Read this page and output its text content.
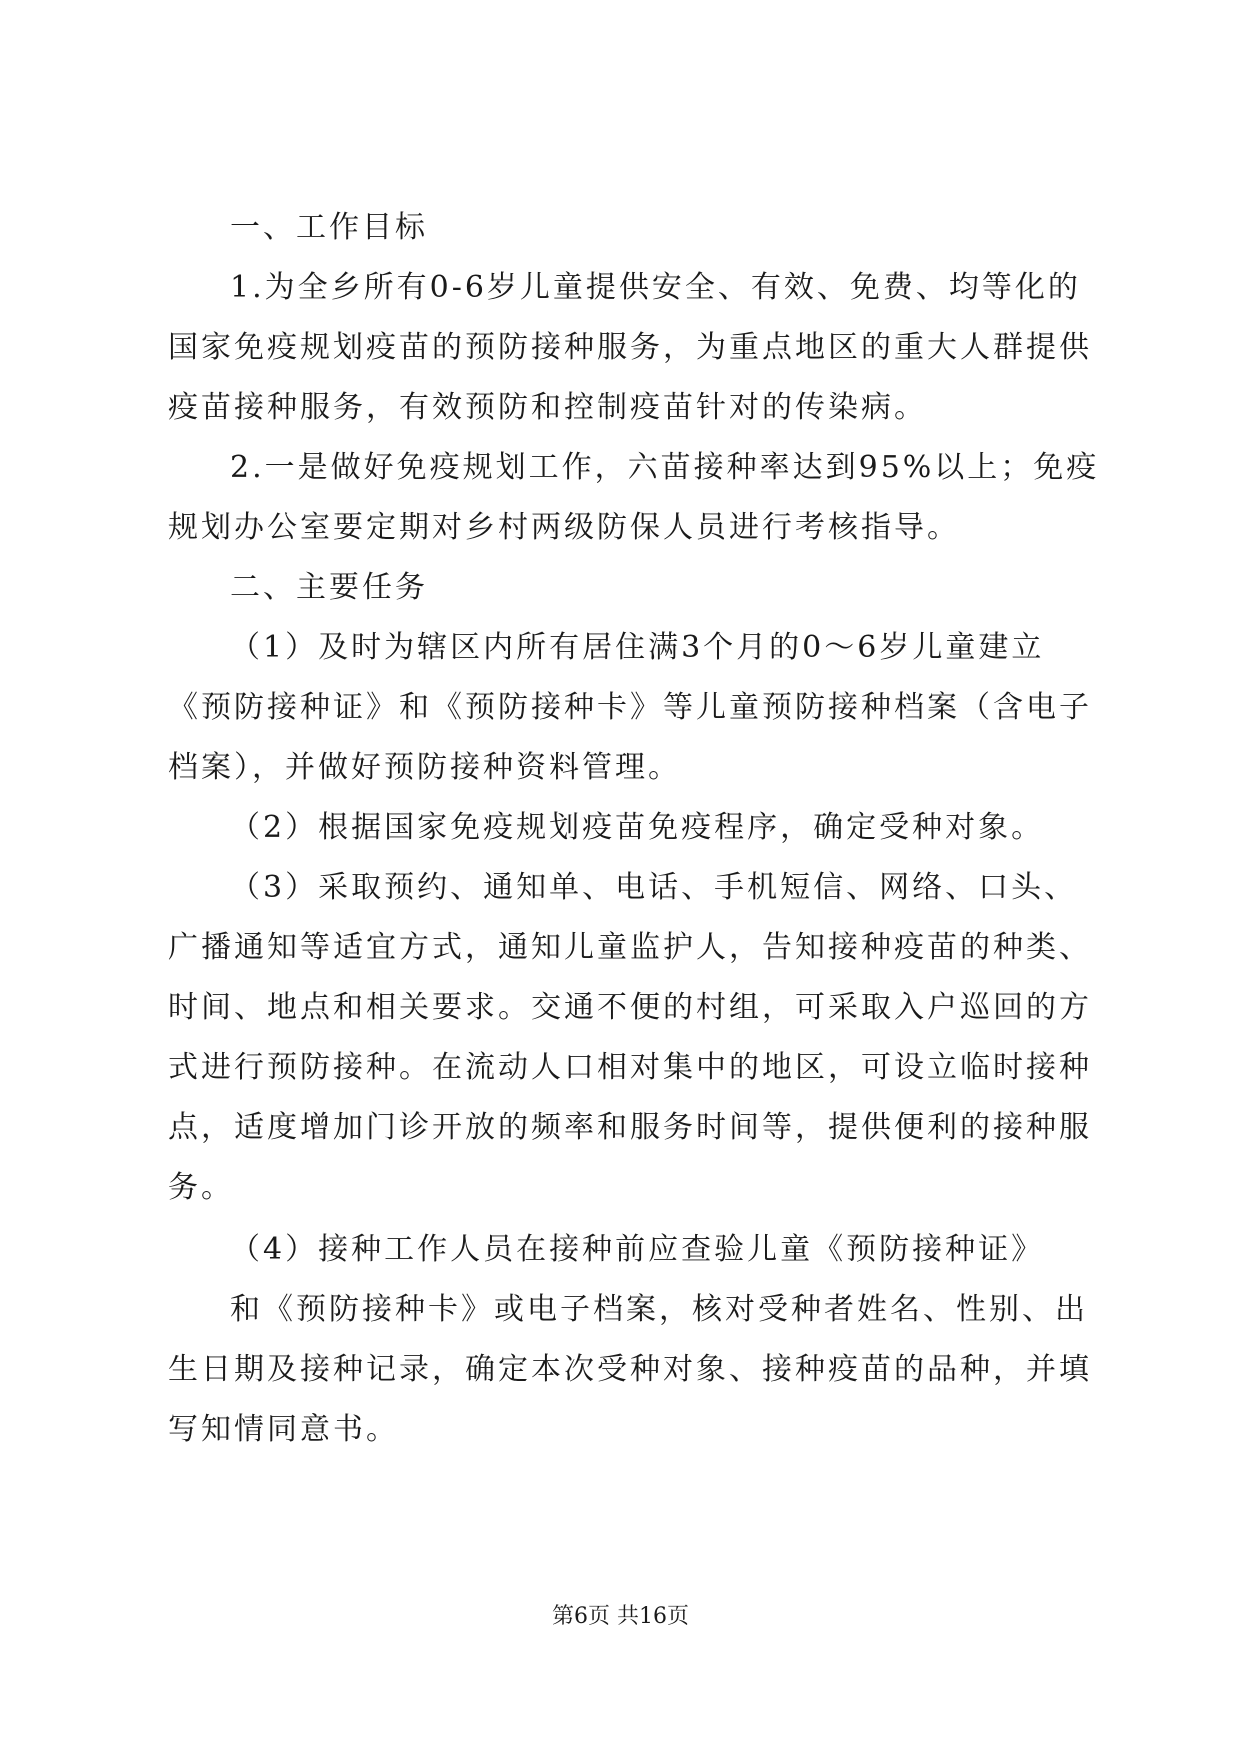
一、工作目标
1.为全乡所有0-6岁儿童提供安全、有效、免费、均等化的
国家免疫规划疫苗的预防接种服务，为重点地区的重大人群提供
疫苗接种服务，有效预防和控制疫苗针对的传染病。
2.一是做好免疫规划工作，六苗接种率达到95%以上；免疫
规划办公室要定期对乡村两级防保人员进行考核指导。
二、主要任务
（1）及时为辖区内所有居住满3个月的0～6岁儿童建立
《预防接种证》和《预防接种卡》等儿童预防接种档案（含电子
档案），并做好预防接种资料管理。
（2）根据国家免疫规划疫苗免疫程序，确定受种对象。
（3）采取预约、通知单、电话、手机短信、网络、口头、
广播通知等适宜方式，通知儿童监护人，告知接种疫苗的种类、
时间、地点和相关要求。交通不便的村组，可采取入户巡回的方
式进行预防接种。在流动人口相对集中的地区，可设立临时接种
点，适度增加门诊开放的频率和服务时间等，提供便利的接种服
务。
（4）接种工作人员在接种前应查验儿童《预防接种证》
和《预防接种卡》或电子档案，核对受种者姓名、性别、出
生日期及接种记录，确定本次受种对象、接种疫苗的品种，并填
写知情同意书。
第6页 共16页
